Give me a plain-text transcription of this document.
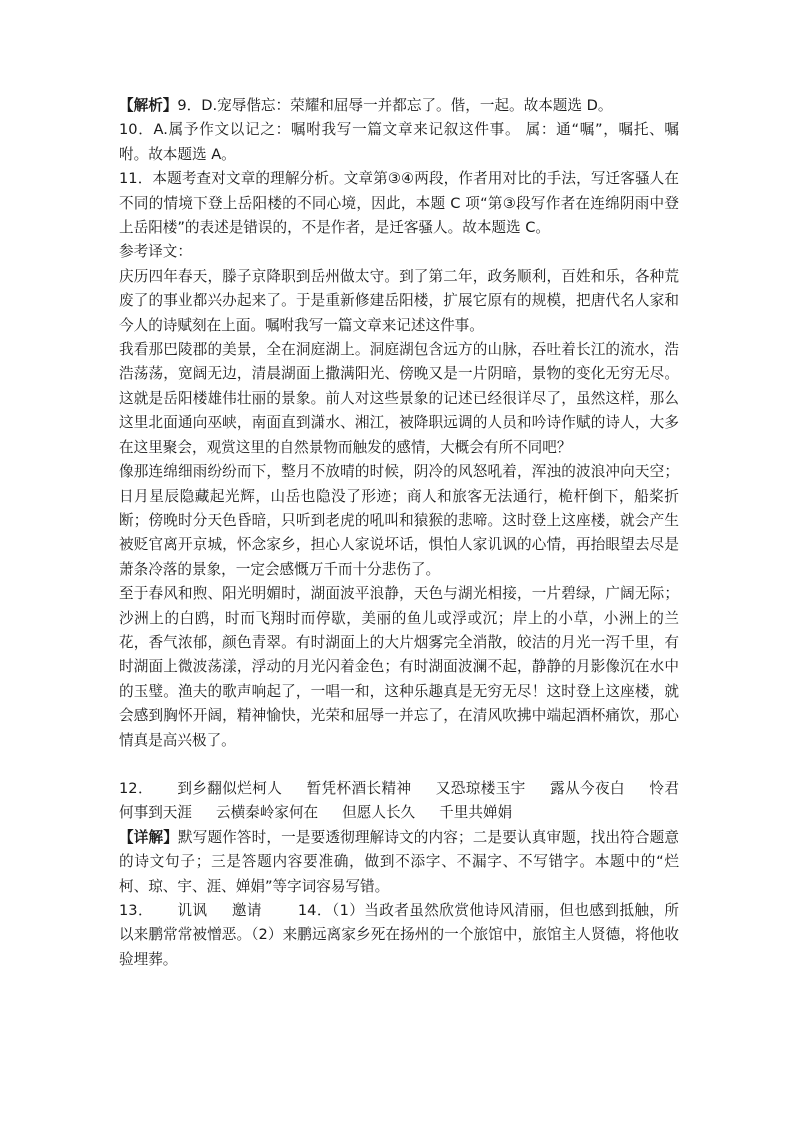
【解析】9．D.宠辱偕忘：荣耀和屈辱一并都忘了。偕，一起。故本题选 D。

10．A.属予作文以记之：嘱咐我写一篇文章来记叙这件事。 属：通“嘱”，嘱托、嘱咐。故本题选 A。

11．本题考查对文章的理解分析。文章第③④两段，作者用对比的手法，写迁客骚人在不同的情境下登上岳阳楼的不同心境，因此，本题 C 项“第③段写作者在连绵阴雨中登上岳阳楼”的表述是错误的，不是作者，是迁客骚人。故本题选 C。

参考译文：

庆历四年春天，滕子京降职到岳州做太守。到了第二年，政务顺利，百姓和乐，各种荒废了的事业都兴办起来了。于是重新修建岳阳楼，扩展它原有的规模，把唐代名人家和今人的诗赋刻在上面。嘱咐我写一篇文章来记述这件事。

我看那巴陵郡的美景，全在洞庭湖上。洞庭湖包含远方的山脉，吞吐着长江的流水，浩浩荡荡，宽阔无边，清晨湖面上撒满阳光、傍晚又是一片阴暗，景物的变化无穷无尽。这就是岳阳楼雄伟壮丽的景象。前人对这些景象的记述已经很详尽了，虽然这样，那么这里北面通向巫峡，南面直到潇水、湘江，被降职远调的人员和吟诗作赋的诗人，大多在这里聚会，观赏这里的自然景物而触发的感情，大概会有所不同吧？

像那连绵细雨纷纷而下，整月不放晴的时候，阴冷的风怒吼着，浑浊的波浪冲向天空；日月星辰隐藏起光辉，山岳也隐没了形迹；商人和旅客无法通行，桅杆倒下，船桨折断；傍晚时分天色昏暗，只听到老虎的吼叫和猿猴的悲啼。这时登上这座楼，就会产生被贬官离开京城，怀念家乡，担心人家说坏话，惧怕人家讥讽的心情，再抬眼望去尽是萧条冷落的景象，一定会感慨万千而十分悲伤了。

至于春风和煦、阳光明媚时，湖面波平浪静，天色与湖光相接，一片碧绿，广阔无际；沙洲上的白鸥，时而飞翔时而停歇，美丽的鱼儿或浮或沉；岸上的小草，小洲上的兰花，香气浓郁，颜色青翠。有时湖面上的大片烟雾完全消散，皎洁的月光一泻千里，有时湖面上微波荡漾，浮动的月光闪着金色；有时湖面波澜不起，静静的月影像沉在水中的玉璧。渔夫的歌声响起了，一唱一和，这种乐趣真是无穷无尽！这时登上这座楼，就会感到胸怀开阔，精神愉快，光荣和屈辱一并忘了，在清风吹拂中端起酒杯痛饮，那心情真是高兴极了。

12． 到乡翻似烂柯人 暂凭杯酒长精神 又恐琼楼玉宇 露从今夜白 怜君何事到天涯 云横秦岭家何在 但愿人长久 千里共婵娟

【详解】默写题作答时，一是要透彻理解诗文的内容；二是要认真审题，找出符合题意的诗文句子；三是答题内容要准确，做到不添字、不漏字、不写错字。本题中的“烂柯、琼、宇、涯、婵娟”等字词容易写错。

13． 讥讽 邀请 14．（1）当政者虽然欣赏他诗风清丽，但也感到抵触，所以来鹏常常被憎恶。（2）来鹏远离家乡死在扬州的一个旅馆中，旅馆主人贤德，将他收验埋葬。
